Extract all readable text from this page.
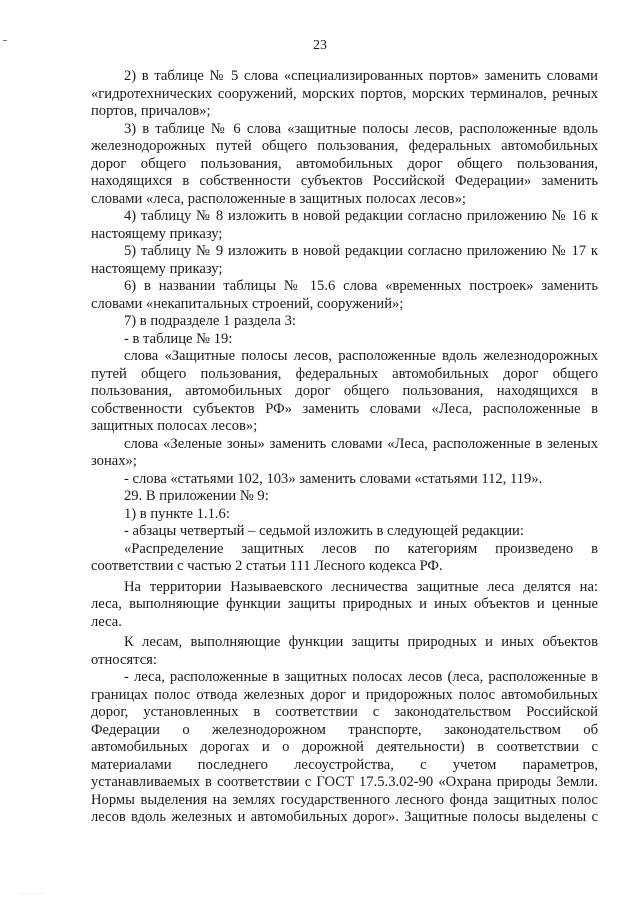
23
2) в таблице № 5 слова «специализированных портов» заменить словами
«гидротехнических сооружений, морских портов, морских терминалов, речных
портов, причалов»;
3) в таблице № 6 слова «защитные полосы лесов, расположенные вдоль
железнодорожных путей общего пользования, федеральных автомобильных
дорог общего пользования, автомобильных дорог общего пользования,
находящихся в собственности субъектов Российской Федерации» заменить
словами «леса, расположенные в защитных полосах лесов»;
4) таблицу № 8 изложить в новой редакции согласно приложению № 16 к
настоящему приказу;
5) таблицу № 9 изложить в новой редакции согласно приложению № 17 к
настоящему приказу;
6) в названии таблицы № 15.6 слова «временных построек» заменить
словами «некапитальных строений, сооружений»;
7) в подразделе 1 раздела 3:
- в таблице № 19:
слова «Защитные полосы лесов, расположенные вдоль железнодорожных
путей общего пользования, федеральных автомобильных дорог общего
пользования, автомобильных дорог общего пользования, находящихся в
собственности субъектов РФ» заменить словами «Леса, расположенные в
защитных полосах лесов»;
слова «Зеленые зоны» заменить словами «Леса, расположенные в зеленых
зонах»;
- слова «статьями 102, 103» заменить словами «статьями 112, 119».
29. В приложении № 9:
1) в пункте 1.1.6:
- абзацы четвертый – седьмой изложить в следующей редакции:
«Распределение защитных лесов по категориям произведено в
соответствии с частью 2 статьи 111 Лесного кодекса РФ.
На территории Назывaевского лесничества защитные леса делятся на:
леса, выполняющие функции защиты природных и иных объектов и ценные
леса.
К лесам, выполняющие функции защиты природных и иных объектов
относятся:
- леса, расположенные в защитных полосах лесов (леса, расположенные в
границах полос отвода железных дорог и придорожных полос автомобильных
дорог, установленных в соответствии с законодательством Российской
Федерации о железнодорожном транспорте, законодательством об
автомобильных дорогах и о дорожной деятельности) в соответствии с
материалами последнего лесоустройства, с учетом параметров,
устанавливаемых в соответствии с ГОСТ 17.5.3.02-90 «Охрана природы Земли.
Нормы выделения на землях государственного лесного фонда защитных полос
лесов вдоль железных и автомобильных дорог». Защитные полосы выделены с
· · · · · · · · · ·
